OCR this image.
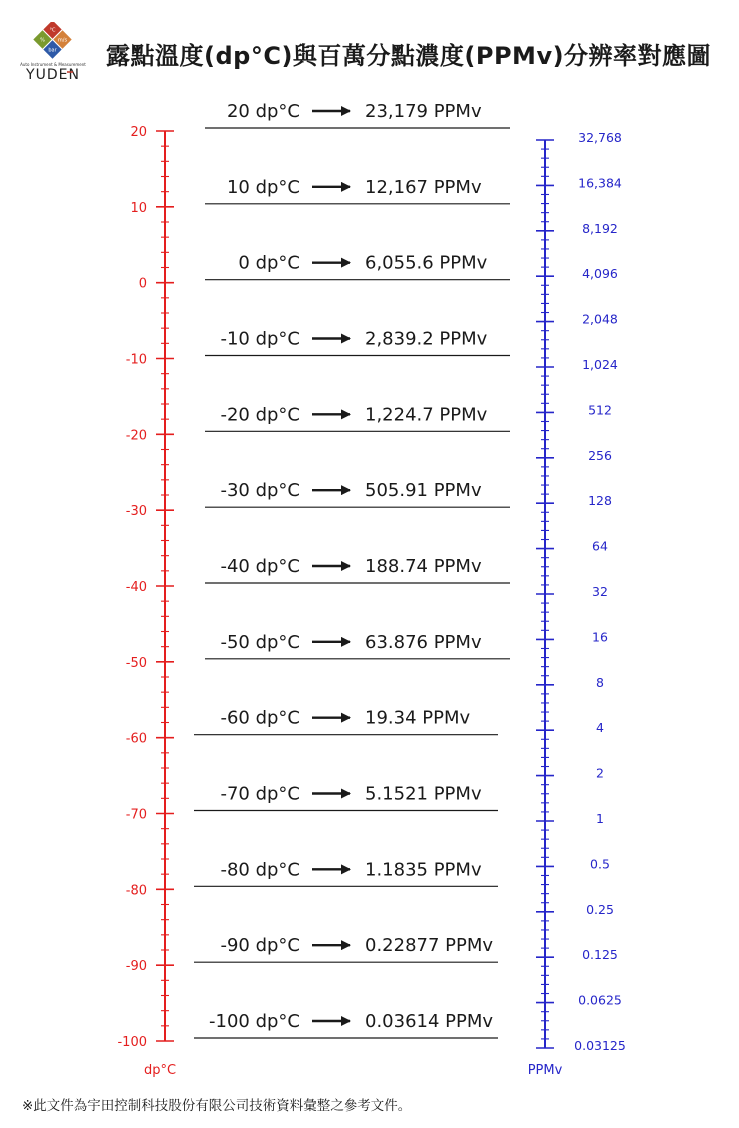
°C
%	m/s
bar
Auto Instrument & Measurement
YUDEN
露點溫度(dp°C)與百萬分點濃度(PPMv)分辨率對應圖
20
10
0
-10
-20
-30
-40
-50
-60
-70
-80
-90
-100
dp°C
32,768
16,384
8,192
4,096
2,048
1,024
512
256
128
64
32
16
8
4
2
1
0.5
0.25
0.125
0.0625
0.03125
PPMv
20 dp°C	23,179 PPMv
10 dp°C	12,167 PPMv
0 dp°C	6,055.6 PPMv
-10 dp°C	2,839.2 PPMv
-20 dp°C	1,224.7 PPMv
-30 dp°C	505.91 PPMv
-40 dp°C	188.74 PPMv
-50 dp°C	63.876 PPMv
-60 dp°C	19.34 PPMv
-70 dp°C	5.1521 PPMv
-80 dp°C	1.1835 PPMv
-90 dp°C	0.22877 PPMv
-100 dp°C	0.03614 PPMv
※此文件為宇田控制科技股份有限公司技術資料彙整之參考文件。
